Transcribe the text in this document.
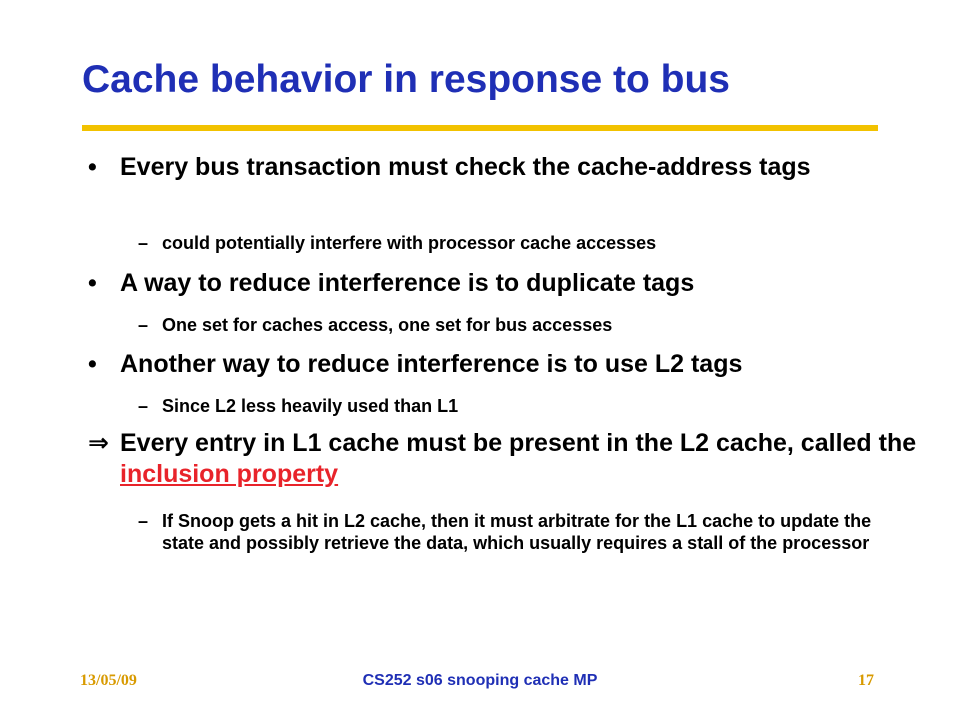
Cache behavior in response to bus
• Every bus transaction must check the cache-address tags
– could potentially interfere with processor cache accesses
• A way to reduce interference is to duplicate tags
– One set for caches access, one set for bus accesses
• Another way to reduce interference is to use L2 tags
– Since L2 less heavily used than L1
⇒ Every entry in L1 cache must be present in the L2 cache, called the inclusion property
– If Snoop gets a hit in L2 cache, then it must arbitrate for the L1 cache to update the state and possibly retrieve the data, which usually requires a stall of the processor
13/05/09	CS252 s06 snooping cache MP	17
